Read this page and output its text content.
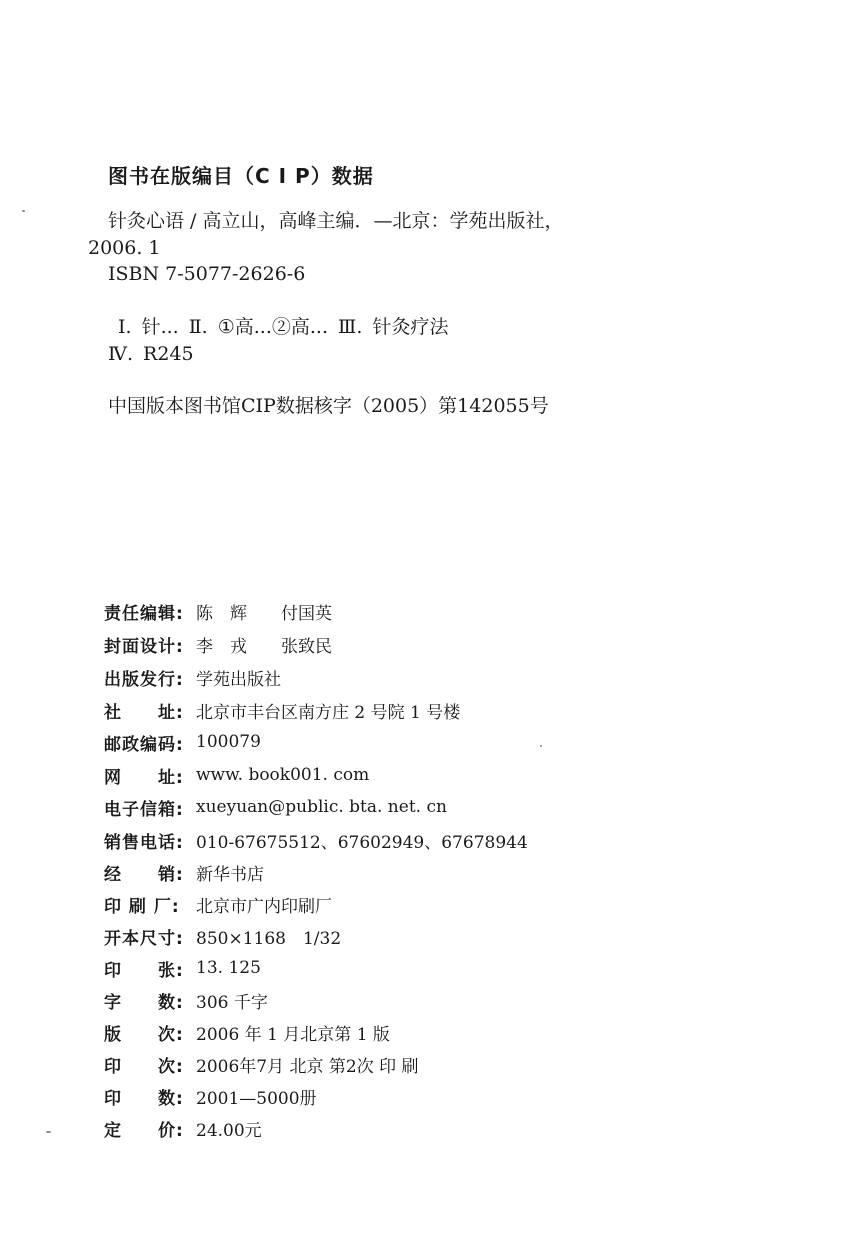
图书在版编目（C I P）数据
针灸心语 / 高立山，高峰主编．—北京：学苑出版社，
2006. 1
ISBN 7-5077-2626-6
Ⅰ. 针... Ⅱ. ①高...②高... Ⅲ. 针灸疗法
Ⅳ. R245
中国版本图书馆CIP数据核字（2005）第142055号
责任编辑: 陈　辉　　付国英
封面设计: 李　戎　　张致民
出版发行: 学苑出版社
社　　址: 北京市丰台区南方庄 2 号院 1 号楼
邮政编码: 100079
网　　址: www. book001. com
电子信箱: xueyuan@public. bta. net. cn
销售电话: 010-67675512、67602949、67678944
经　　销: 新华书店
印 刷 厂: 北京市广内印刷厂
开本尺寸: 850×1168　1/32
印　　张: 13. 125
字　　数: 306 千字
版　　次: 2006 年 1 月北京第 1 版
印　　次: 2006年7月 北京 第2次 印 刷
印　　数: 2001—5000册
定　　价: 24.00元
